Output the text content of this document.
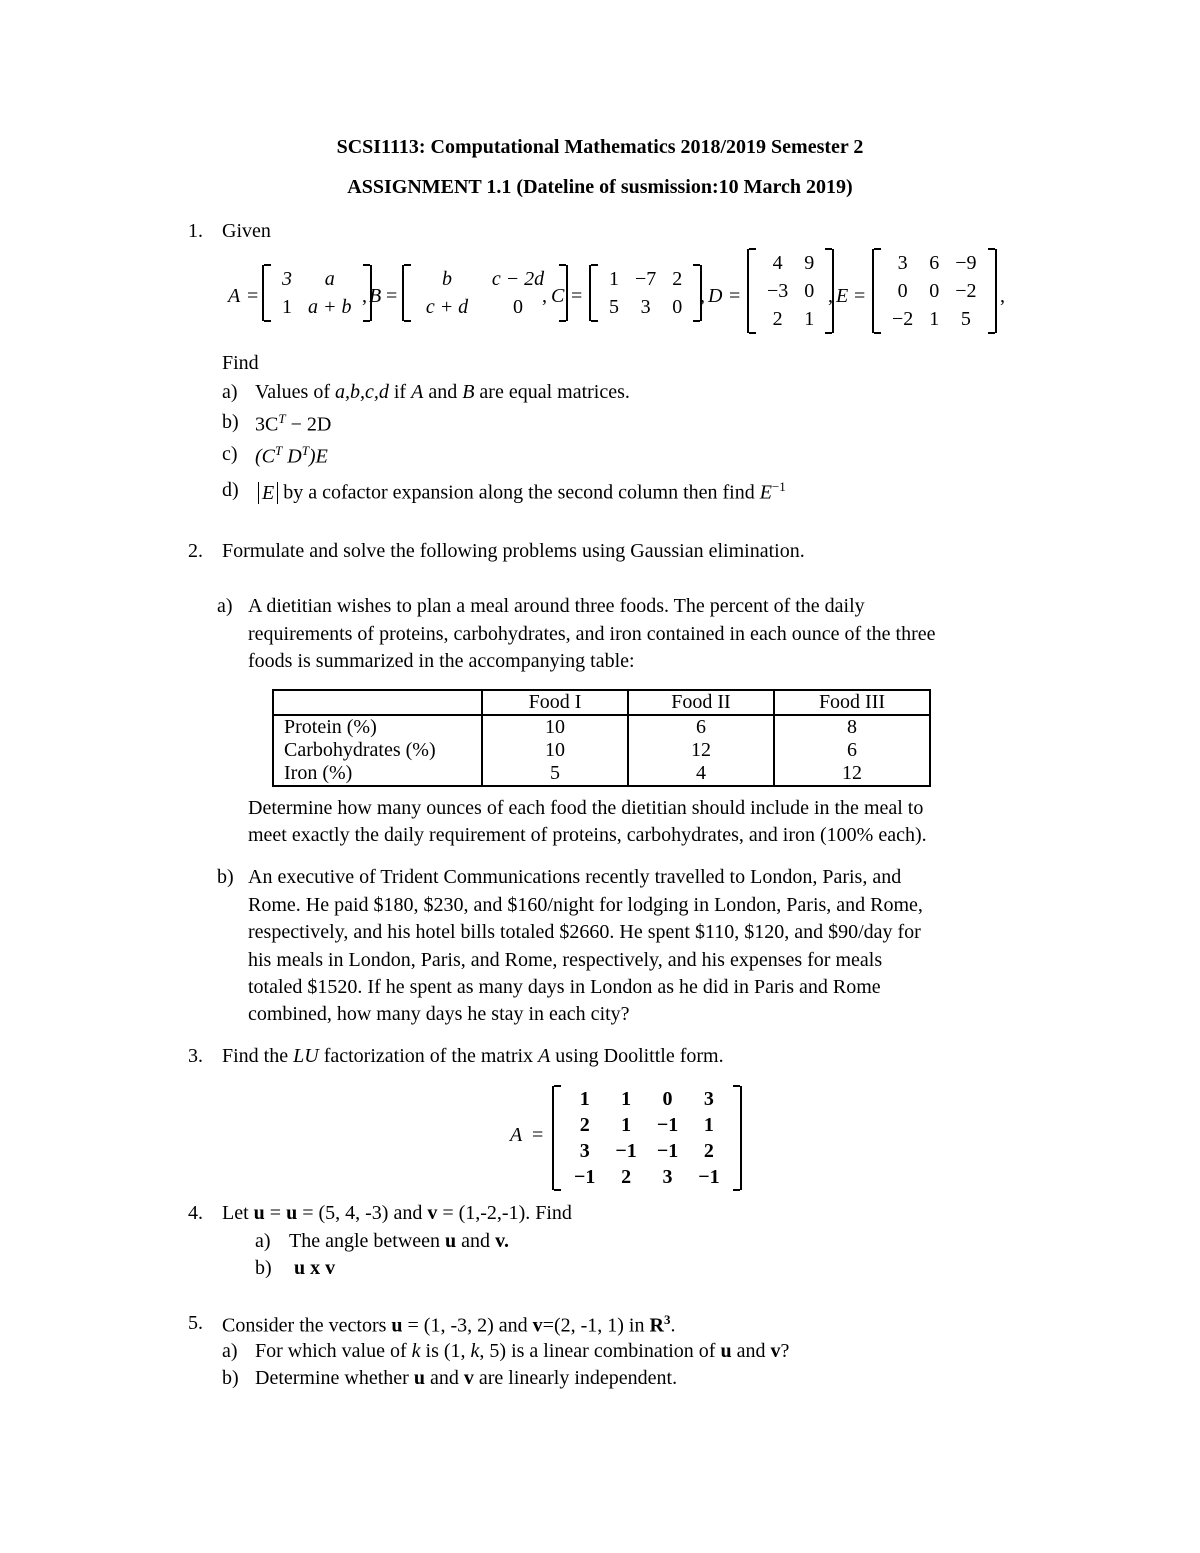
SCSI1113: Computational Mathematics 2018/2019 Semester 2
ASSIGNMENT 1.1 (Dateline of susmission:10 March 2019)
1. Given
A =
3	a
1	a + b , B =
b	c − 2d
c + d	0 , C =
1	−7	2
5	3	0 , D =
4	9
−3	0
2	1
, E =
3	6	−9
0	0	−2
−2	1	5
,
Find
a) Values of a,b,c,d if A and B are equal matrices.
b) $3C^T - 2D$
c) ($C^T$ $D^T)E$
d) E by a cofactor expansion along the second column then find $E^{-1}$
2. Formulate and solve the following problems using Gaussian elimination.
a) A dietitian wishes to plan a meal around three foods. The percent of the daily
requirements of proteins, carbohydrates, and iron contained in each ounce of the three
foods is summarized in the accompanying table:
	Food I	Food II	Food III
Protein (%)	10	6	8
Carbohydrates (%)	10	12	6
Iron (%)	5	4	12
Determine how many ounces of each food the dietitian should include in the meal to
meet exactly the daily requirement of proteins, carbohydrates, and iron (100% each).
b) An executive of Trident Communications recently travelled to London, Paris, and
Rome. He paid $180, $230, and $160/night for lodging in London, Paris, and Rome,
respectively, and his hotel bills totaled $2660. He spent $110, $120, and $90/day for
his meals in London, Paris, and Rome, respectively, and his expenses for meals
totaled $1520. If he spent as many days in London as he did in Paris and Rome
combined, how many days he stay in each city?
3. Find the LU factorization of the matrix A using Doolittle form.
A =
1	1	0	3
2	1	−1	1
3	−1	−1	2
−1	2	3	−1
4. Let u = u = (5, 4, -3) and v = (1,-2,-1). Find
a) The angle between u and v.
b) u x v
5. Consider the vectors u = (1, -3, 2) and v=(2, -1, 1) in $R^3$.
a) For which value of k is (1, k, 5) is a linear combination of u and v?
b) Determine whether u and v are linearly independent.
